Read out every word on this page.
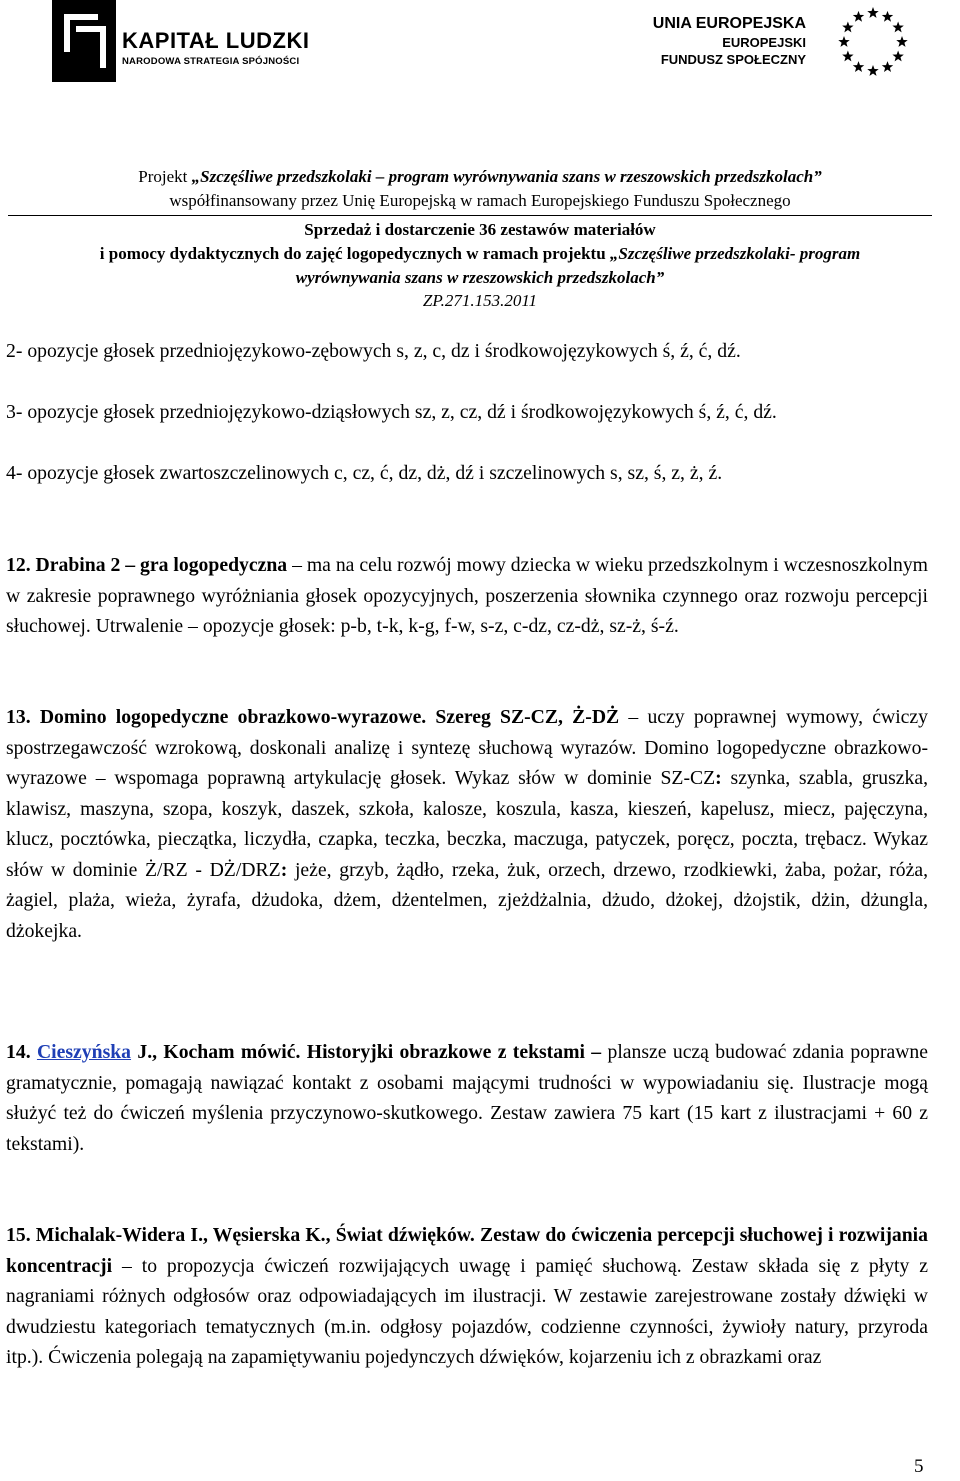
KAPITAŁ LUDZKI
NARODOWA STRATEGIA SPÓJNOŚCI
UNIA EUROPEJSKA
EUROPEJSKI
FUNDUSZ SPOŁECZNY
Projekt „Szczęśliwe przedszkolaki – program wyrównywania szans w rzeszowskich przedszkolach”
współfinansowany przez Unię Europejską w ramach Europejskiego Funduszu Społecznego
Sprzedaż i dostarczenie 36 zestawów materiałów
i pomocy dydaktycznych do zajęć logopedycznych w ramach projektu „Szczęśliwe przedszkolaki- program
wyrównywania szans w rzeszowskich przedszkolach”
ZP.271.153.2011

2- opozycje głosek przedniojęzykowo-zębowych s, z, c, dz i środkowojęzykowych ś, ź, ć, dź.

3- opozycje głosek przedniojęzykowo-dziąsłowych sz, z, cz, dź i środkowojęzykowych ś, ź, ć, dź.

4- opozycje głosek zwartoszczelinowych c, cz, ć, dz, dż, dź i szczelinowych s, sz, ś, z, ż, ź.

12. Drabina 2 – gra logopedyczna – ma na celu rozwój mowy dziecka w wieku przedszkolnym i wczesnoszkolnym w zakresie poprawnego wyróżniania głosek opozycyjnych, poszerzenia słownika czynnego oraz rozwoju percepcji słuchowej. Utrwalenie – opozycje głosek: p-b, t-k, k-g, f-w, s-z, c-dz, cz-dż, sz-ż, ś-ź.

13. Domino logopedyczne obrazkowo-wyrazowe. Szereg SZ-CZ, Ż-DŻ – uczy poprawnej wymowy, ćwiczy spostrzegawczość wzrokową, doskonali analizę i syntezę słuchową wyrazów. Domino logopedyczne obrazkowo-wyrazowe – wspomaga poprawną artykulację głosek. Wykaz słów w dominie SZ-CZ: szynka, szabla, gruszka, klawisz, maszyna, szopa, koszyk, daszek, szkoła, kalosze, koszula, kasza, kieszeń, kapelusz, miecz, pajęczyna, klucz, pocztówka, pieczątka, liczydła, czapka, teczka, beczka, maczuga, patyczek, poręcz, poczta, trębacz. Wykaz słów w dominie Ż/RZ - DŻ/DRZ: jeże, grzyb, żądło, rzeka, żuk, orzech, drzewo, rzodkiewki, żaba, pożar, róża, żagiel, plaża, wieża, żyrafa, dżudoka, dżem, dżentelmen, zjeżdżalnia, dżudo, dżokej, dżojstik, dżin, dżungla, dżokejka.

14. Cieszyńska J., Kocham mówić. Historyjki obrazkowe z tekstami – plansze uczą budować zdania poprawne gramatycznie, pomagają nawiązać kontakt z osobami mającymi trudności w wypowiadaniu się. Ilustracje mogą służyć też do ćwiczeń myślenia przyczynowo-skutkowego. Zestaw zawiera 75 kart (15 kart z ilustracjami + 60 z tekstami).

15. Michalak-Widera I., Węsierska K., Świat dźwięków. Zestaw do ćwiczenia percepcji słuchowej i rozwijania koncentracji – to propozycja ćwiczeń rozwijających uwagę i pamięć słuchową. Zestaw składa się z płyty z nagraniami różnych odgłosów oraz odpowiadających im ilustracji. W zestawie zarejestrowane zostały dźwięki w dwudziestu kategoriach tematycznych (m.in. odgłosy pojazdów, codzienne czynności, żywioły natury, przyroda itp.). Ćwiczenia polegają na zapamiętywaniu pojedynczych dźwięków, kojarzeniu ich z obrazkami oraz

5
